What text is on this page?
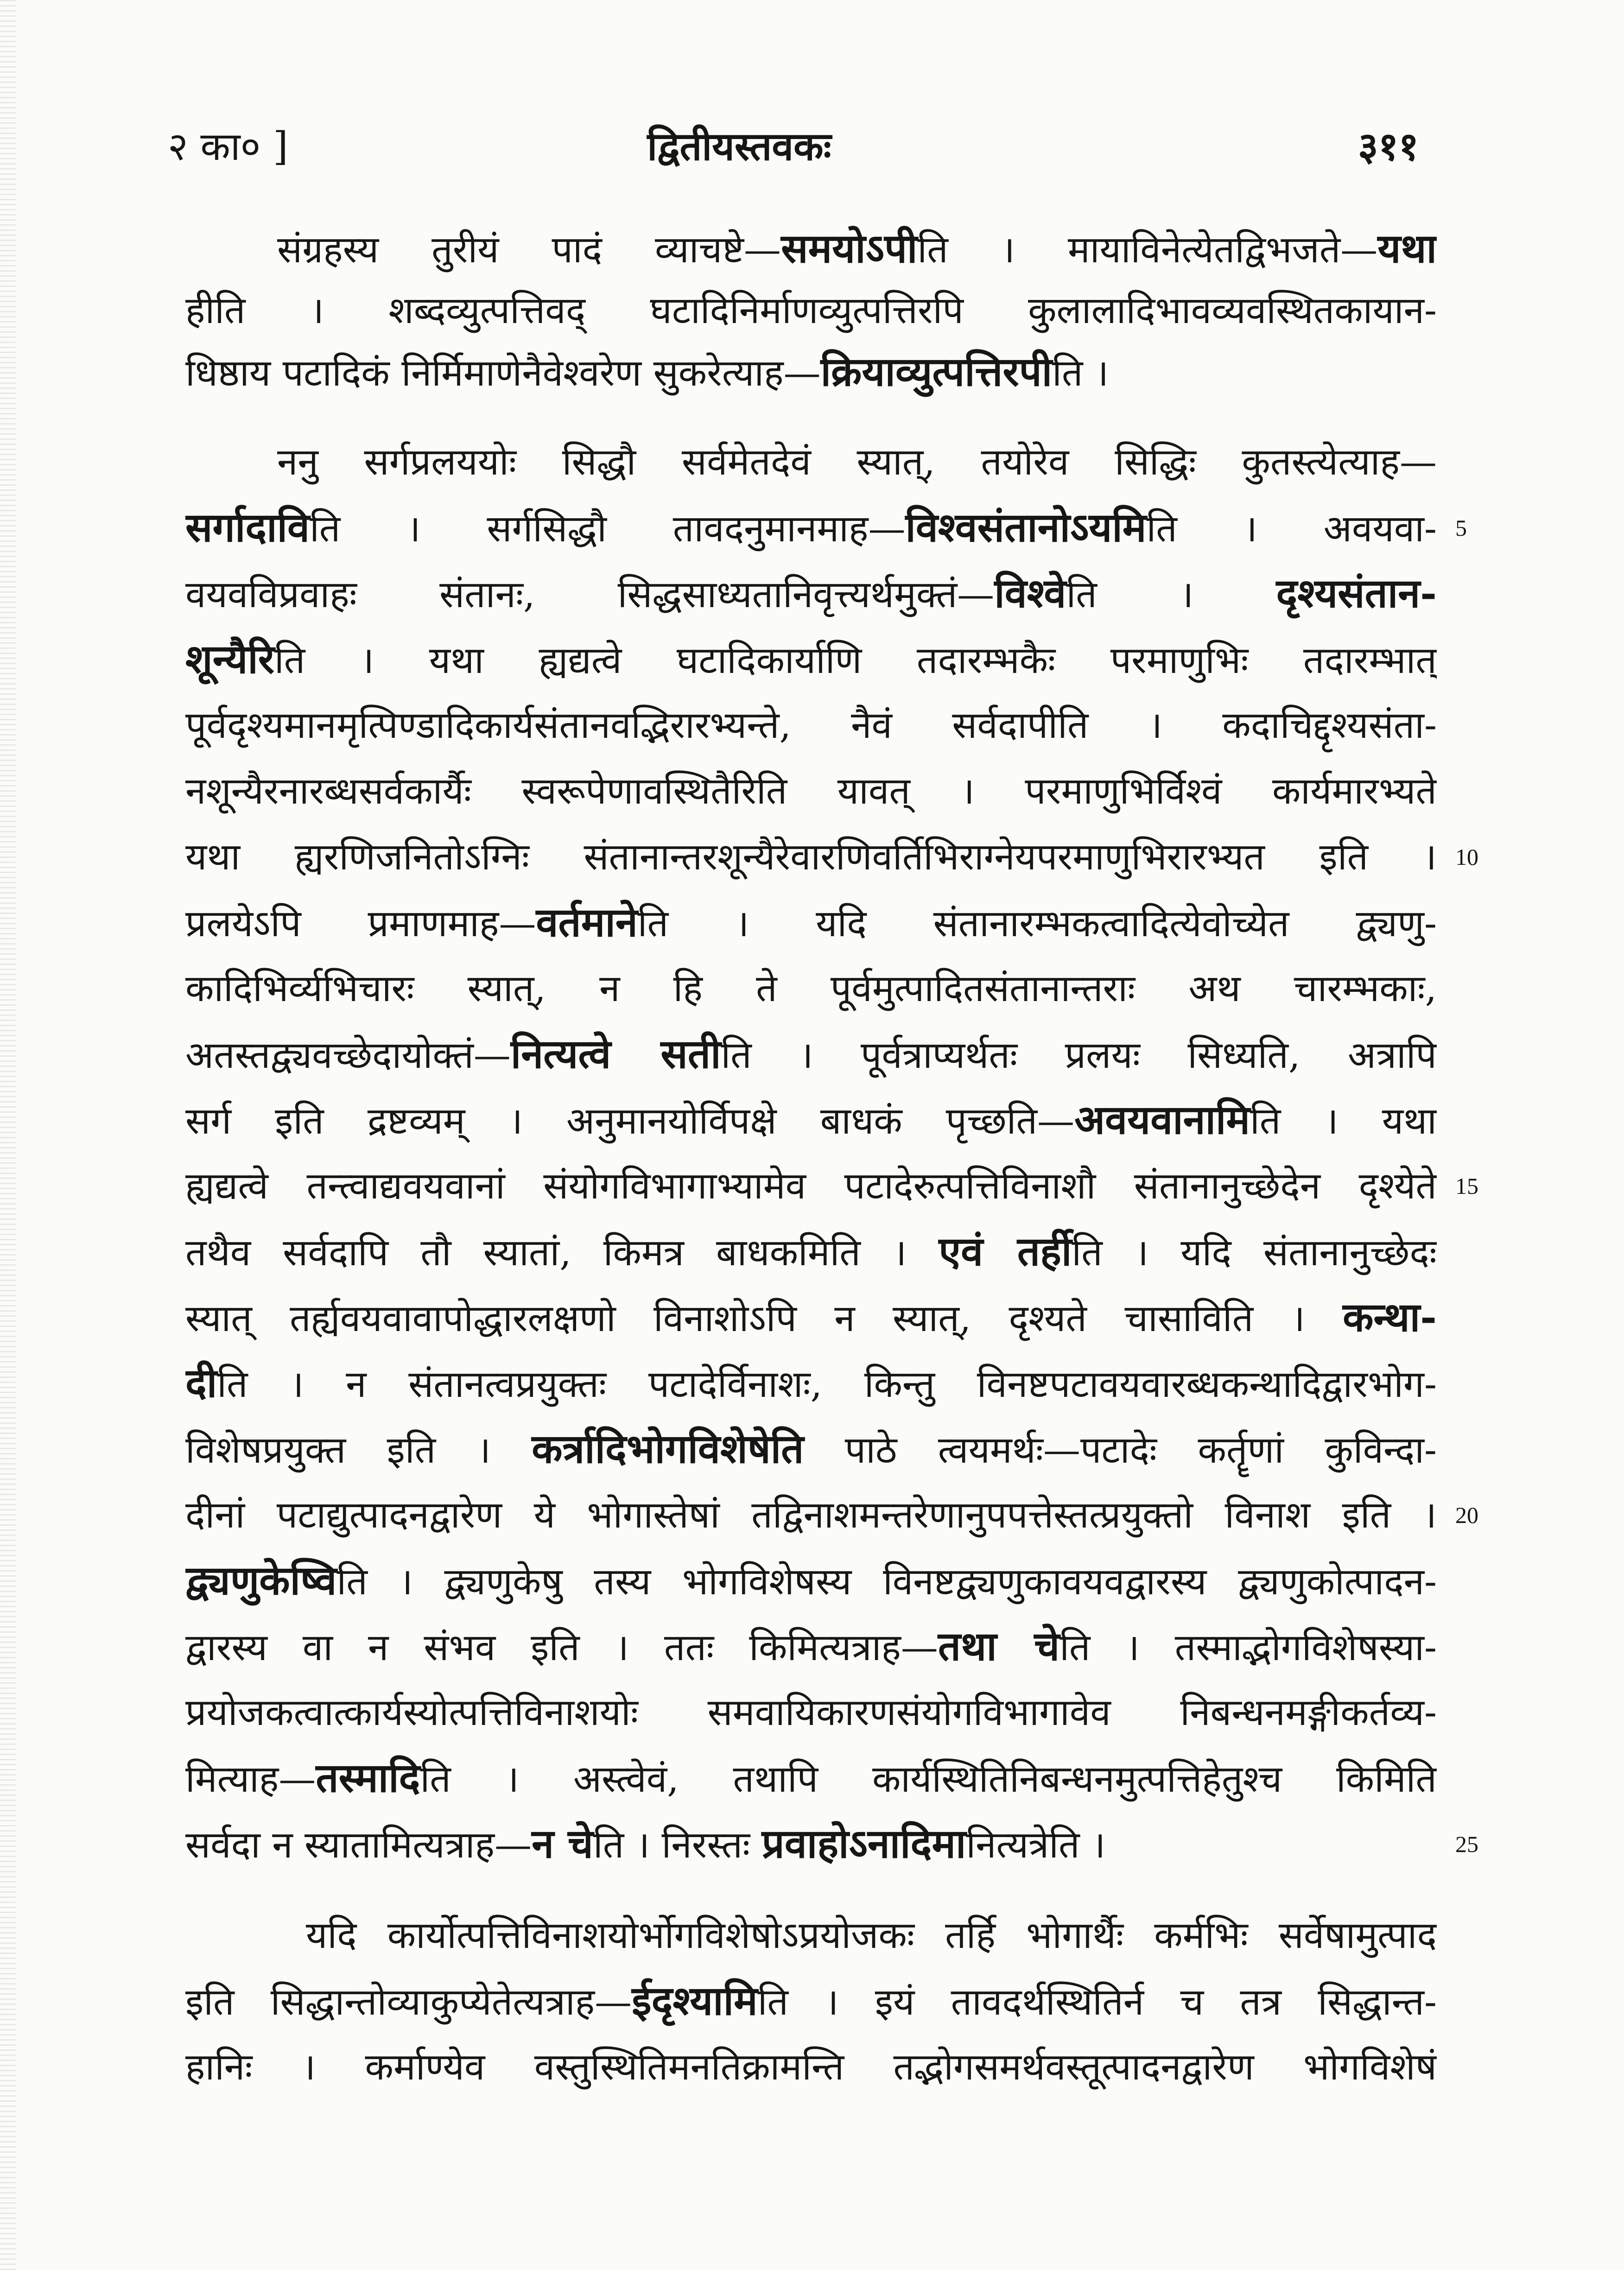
२ का० ]	द्वितीयस्तवकः	३११
संग्रहस्य तुरीयं पादं व्याचष्टे—समयोऽपीति । मायाविनेत्येतद्विभजते—यथा
हीति । शब्दव्युत्पत्तिवद् घटादिनिर्माणव्युत्पत्तिरपि कुलालादिभावव्यवस्थितकायान-
धिष्ठाय पटादिकं निर्मिमाणेनैवेश्वरेण सुकरेत्याह—क्रियाव्युत्पत्तिरपीति ।
ननु सर्गप्रलययोः सिद्धौ सर्वमेतदेवं स्यात्, तयोरेव सिद्धिः कुतस्त्येत्याह—
सर्गादाविति । सर्गसिद्धौ तावदनुमानमाह—विश्वसंतानोऽयमिति । अवयवा- 5
वयवविप्रवाहः संतानः, सिद्धसाध्यतानिवृत्त्यर्थमुक्तं—विश्वेति । दृश्यसंतान-
शून्यैरिति । यथा ह्यद्यत्वे घटादिकार्याणि तदारम्भकैः परमाणुभिः तदारम्भात्
पूर्वदृश्यमानमृत्पिण्डादिकार्यसंतानवद्भिरारभ्यन्ते, नैवं सर्वदापीति । कदाचिद्दृश्यसंता-
नशून्यैरनारब्धसर्वकार्यैः स्वरूपेणावस्थितैरिति यावत् । परमाणुभिर्विश्वं कार्यमारभ्यते
यथा ह्यरणिजनितोऽग्निः संतानान्तरशून्यैरेवारणिवर्तिभिराग्नेयपरमाणुभिरारभ्यत इति । 10
प्रलयेऽपि प्रमाणमाह—वर्तमानेति । यदि संतानारम्भकत्वादित्येवोच्येत द्व्यणु-
कादिभिर्व्यभिचारः स्यात्, न हि ते पूर्वमुत्पादितसंतानान्तराः अथ चारम्भकाः,
अतस्तद्व्यवच्छेदायोक्तं—नित्यत्वे सतीति । पूर्वत्राप्यर्थतः प्रलयः सिध्यति, अत्रापि
सर्ग इति द्रष्टव्यम् । अनुमानयोर्विपक्षे बाधकं पृच्छति—अवयवानामिति । यथा
ह्यद्यत्वे तन्त्वाद्यवयवानां संयोगविभागाभ्यामेव पटादेरुत्पत्तिविनाशौ संतानानुच्छेदेन दृश्येते 15
तथैव सर्वदापि तौ स्यातां, किमत्र बाधकमिति । एवं तर्हीति । यदि संतानानुच्छेदः
स्यात् तर्ह्यवयवावापोद्धारलक्षणो विनाशोऽपि न स्यात्, दृश्यते चासाविति । कन्था-
दीति । न संतानत्वप्रयुक्तः पटादेर्विनाशः, किन्तु विनष्टपटावयवारब्धकन्थादिद्वारभोग-
विशेषप्रयुक्त इति । कर्त्रादिभोगविशेषेति पाठे त्वयमर्थः—पटादेः कर्तॄणां कुविन्दा-
दीनां पटाद्युत्पादनद्वारेण ये भोगास्तेषां तद्विनाशमन्तरेणानुपपत्तेस्तत्प्रयुक्तो विनाश इति । 20
द्व्यणुकेष्विति । द्व्यणुकेषु तस्य भोगविशेषस्य विनष्टद्व्यणुकावयवद्वारस्य द्व्यणुकोत्पादन-
द्वारस्य वा न संभव इति । ततः किमित्यत्राह—तथा चेति । तस्माद्भोगविशेषस्या-
प्रयोजकत्वात्कार्यस्योत्पत्तिविनाशयोः समवायिकारणसंयोगविभागावेव निबन्धनमङ्गीकर्तव्य-
मित्याह—तस्मादिति । अस्त्वेवं, तथापि कार्यस्थितिनिबन्धनमुत्पत्तिहेतुश्च किमिति
सर्वदा न स्यातामित्यत्राह—न चेति । निरस्तः प्रवाहोऽनादिमानित्यत्रेति ।	25
यदि कार्योत्पत्तिविनाशयोर्भोगविशेषोऽप्रयोजकः तर्हि भोगार्थैः कर्मभिः सर्वेषामुत्पाद
इति सिद्धान्तोव्याकुप्येतेत्यत्राह—ईदृश्यामिति । इयं तावदर्थस्थितिर्न च तत्र सिद्धान्त-
हानिः । कर्माण्येव वस्तुस्थितिमनतिक्रामन्ति तद्भोगसमर्थवस्तूत्पादनद्वारेण भोगविशेषं
